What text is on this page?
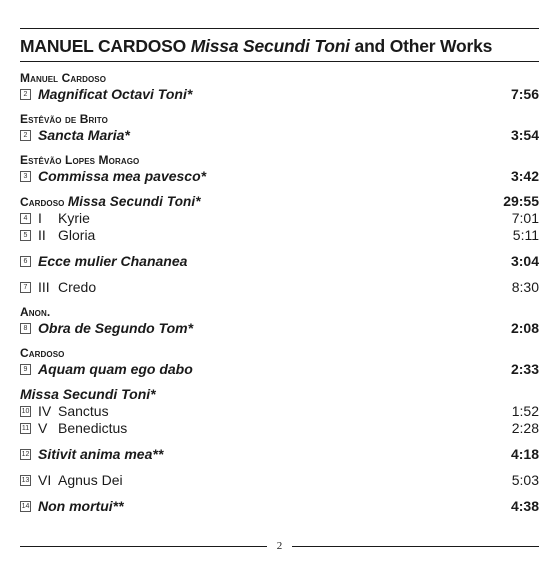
MANUEL CARDOSO Missa Secundi Toni and Other Works
Manuel Cardoso
2 Magnificat Octavi Toni*	7:56
Estêvão de Brito
2 Sancta Maria*	3:54
Estêvão Lopes Morago
3 Commissa mea pavesco*	3:42
Cardoso
Missa Secundi Toni*	29:55
4 I	Kyrie	7:01
5 II Gloria	5:11
6 Ecce mulier Chananea	3:04
7 III Credo	8:30
Anon.
8 Obra de Segundo Tom*	2:08
Cardoso
9 Aquam quam ego dabo	2:33
Missa Secundi Toni*
10 IV Sanctus	1:52
11 V Benedictus	2:28
12 Sitivit anima mea**	4:18
13 VI Agnus Dei	5:03
14 Non mortui**	4:38
2
